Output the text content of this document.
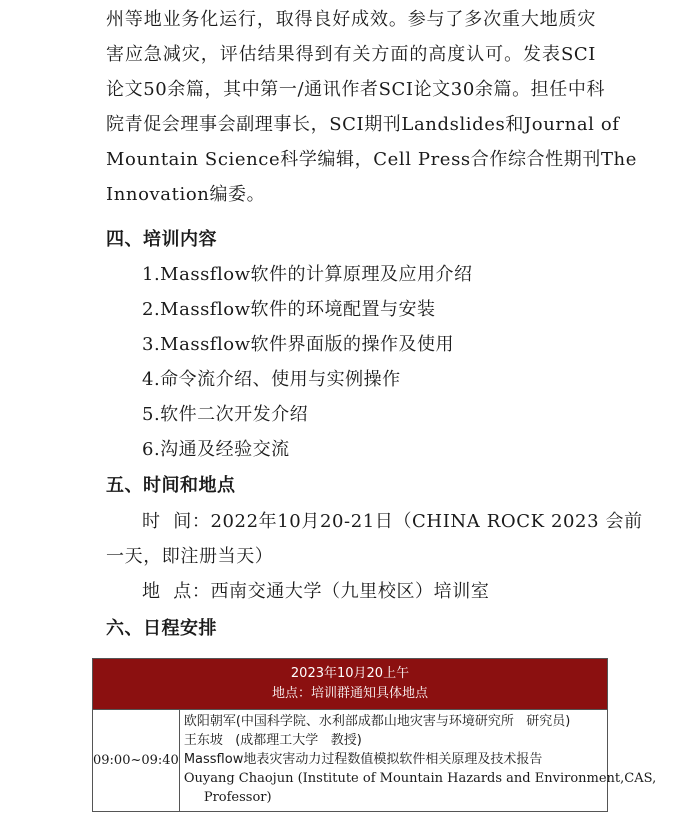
州等地业务化运行，取得良好成效。参与了多次重大地质灾
害应急减灾，评估结果得到有关方面的高度认可。发表SCI
论文50余篇，其中第一/通讯作者SCI论文30余篇。担任中科
院青促会理事会副理事长，SCI期刊Landslides和Journal of
Mountain Science科学编辑，Cell Press合作综合性期刊The
Innovation编委。
四、培训内容
1.Massflow软件的计算原理及应用介绍
2.Massflow软件的环境配置与安装
3.Massflow软件界面版的操作及使用
4.命令流介绍、使用与实例操作
5.软件二次开发介绍
6.沟通及经验交流
五、时间和地点
时  间：2022年10月20-21日（CHINA ROCK 2023 会前
一天，即注册当天）
地  点：西南交通大学（九里校区）培训室
六、日程安排
2023年10月20上午
地点：培训群通知具体地点
09:00~09:40
欧阳朝军(中国科学院、水利部成都山地灾害与环境研究所   研究员)
王东坡   (成都理工大学   教授)
Massflow地表灾害动力过程数值模拟软件相关原理及技术报告
Ouyang Chaojun (Institute of Mountain Hazards and Environment,CAS,
Professor)
